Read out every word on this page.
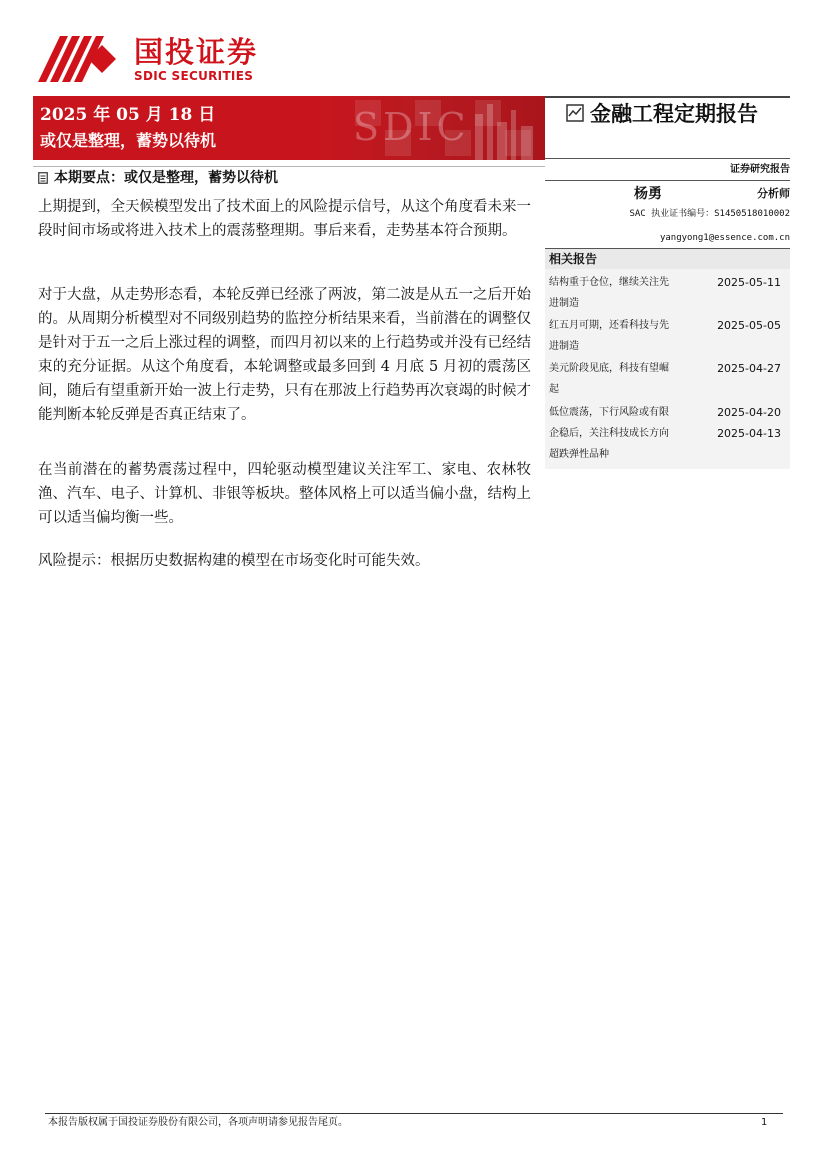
国投证券
SDIC SECURITIES
SDIC
2025 年 05 月 18 日
或仅是整理，蓄势以待机
金融工程定期报告
证券研究报告
杨勇	分析师
SAC 执业证书编号：S1450518010002
yangyong1@essence.com.cn
相关报告
结构重于仓位，继续关注先	2025-05-11
进制造
红五月可期，还看科技与先	2025-05-05
进制造
美元阶段见底，科技有望崛	2025-04-27
起
低位震荡，下行风险或有限	2025-04-20
企稳后，关注科技成长方向	2025-04-13
超跌弹性品种
本期要点：或仅是整理，蓄势以待机
上期提到，全天候模型发出了技术面上的风险提示信号，从这个角度看未来一段时间市场或将进入技术上的震荡整理期。事后来看，走势基本符合预期。
对于大盘，从走势形态看，本轮反弹已经涨了两波，第二波是从五一之后开始的。从周期分析模型对不同级别趋势的监控分析结果来看，当前潜在的调整仅是针对于五一之后上涨过程的调整，而四月初以来的上行趋势或并没有已经结束的充分证据。从这个角度看，本轮调整或最多回到 4 月底 5 月初的震荡区间，随后有望重新开始一波上行走势，只有在那波上行趋势再次衰竭的时候才能判断本轮反弹是否真正结束了。
在当前潜在的蓄势震荡过程中，四轮驱动模型建议关注军工、家电、农林牧渔、汽车、电子、计算机、非银等板块。整体风格上可以适当偏小盘，结构上可以适当偏均衡一些。
风险提示：根据历史数据构建的模型在市场变化时可能失效。
本报告版权属于国投证券股份有限公司，各项声明请参见报告尾页。	1
